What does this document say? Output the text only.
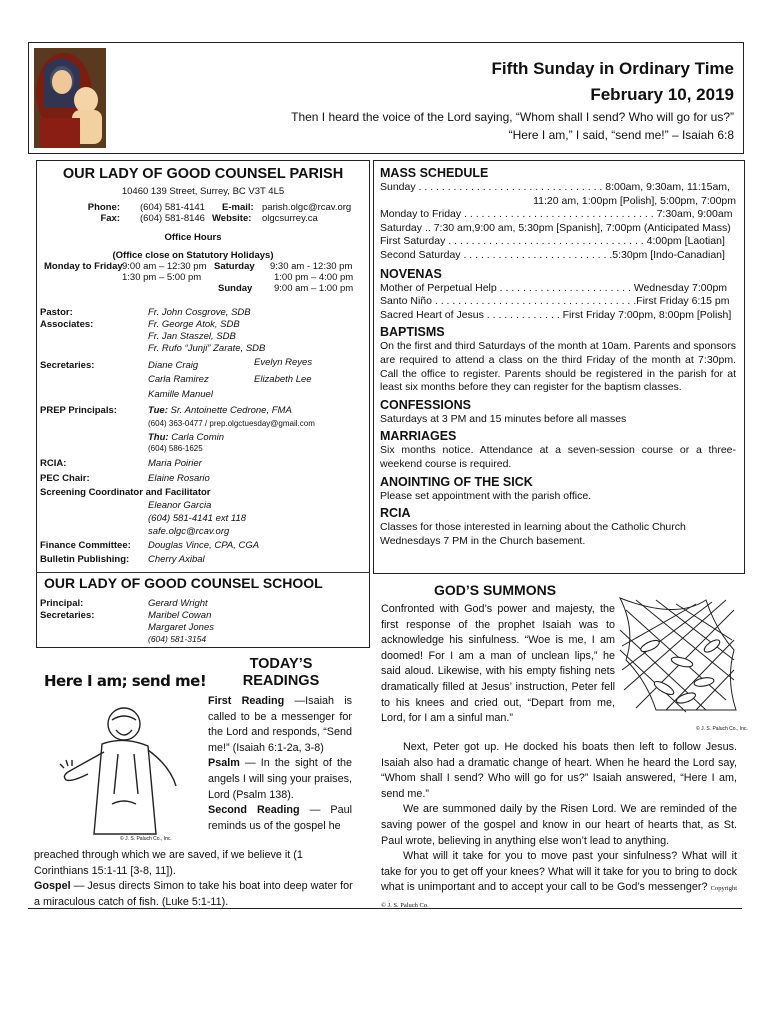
Fifth Sunday in Ordinary Time
February 10, 2019
Then I heard the voice of the Lord saying, “Whom shall I send? Who will go for us?”
“Here I am,” I said, “send me!” – Isaiah 6:8
OUR LADY OF GOOD COUNSEL PARISH
10460 139 Street, Surrey, BC V3T 4L5
Phone: (604) 581-4141 E-mail: parish.olgc@rcav.org
Fax: (604) 581-8146 Website: olgcsurrey.ca
Office Hours
(Office close on Statutory Holidays)
Monday to Friday 9:00 am – 12:30 pm
1:30 pm – 5:00 pm
Saturday 9:30 am - 12:30 pm
1:00 pm – 4:00 pm
Sunday 9:00 am – 1:00 pm
Pastor:	Fr. John Cosgrove, SDB
Associates:	Fr. George Atok, SDB
Fr. Jan Staszel, SDB
Fr. Rufo “Junji” Zarate, SDB
Secretaries:	Diane Craig	Evelyn Reyes
Carla Ramirez	Elizabeth Lee
Kamille Manuel
PREP Principals:	Tue: Sr. Antoinette Cedrone, FMA
(604) 363-0477 / prep.olgctuesday@gmail.com
Thu: Carla Comin
(604) 586-1625
RCIA:	Maria Poirier
PEC Chair:	Elaine Rosario
Screening Coordinator and Facilitator
Eleanor Garcia
(604) 581-4141 ext 118
safe.olgc@rcav.org
Finance Committee: Douglas Vince, CPA, CGA
Bulletin Publishing: Cherry Axibal
OUR LADY OF GOOD COUNSEL SCHOOL
Principal:	Gerard Wright
Secretaries:	Maribel Cowan
Margaret Jones
(604) 581-3154
MASS SCHEDULE
Sunday . . . . . . . . . . . . . . . . . . . . . . . . . . . . . . . . 8:00am, 9:30am, 11:15am,
11:20 am, 1:00pm [Polish], 5:00pm, 7:00pm
Monday to Friday . . . . . . . . . . . . . . . . . . . . . . . . . . . . . . . . . 7:30am, 9:00am
Saturday .. 7:30 am,9:00 am, 5:30pm [Spanish], 7:00pm (Anticipated Mass)
First Saturday . . . . . . . . . . . . . . . . . . . . . . . . . . . . . . . . . . 4:00pm [Laotian]
Second Saturday . . . . . . . . . . . . . . . . . . . . . . . . . .5:30pm [Indo-Canadian]
NOVENAS
Mother of Perpetual Help . . . . . . . . . . . . . . . . . . . . . . . Wednesday 7:00pm
Santo Niño . . . . . . . . . . . . . . . . . . . . . . . . . . . . . . . . . . .First Friday 6:15 pm
Sacred Heart of Jesus . . . . . . . . . . . . . First Friday 7:00pm, 8:00pm [Polish]
BAPTISMS
On the first and third Saturdays of the month at 10am. Parents and sponsors are required to attend a class on the third Friday of the month at 7:30pm. Call the office to register. Parents should be registered in the parish for at least six months before they can register for the baptism classes.
CONFESSIONS
Saturdays at 3 PM and 15 minutes before all masses
MARRIAGES
Six months notice. Attendance at a seven-session course or a three-weekend course is required.
ANOINTING OF THE SICK
Please set appointment with the parish office.
RCIA
Classes for those interested in learning about the Catholic Church Wednesdays 7 PM in the Church basement.
Here I am; send me!
TODAY’S
READINGS
First Reading —Isaiah is called to be a messenger for the Lord and responds, “Send me!” (Isaiah 6:1-2a, 3-8)
Psalm — In the sight of the angels I will sing your praises, Lord (Psalm 138).
Second Reading — Paul reminds us of the gospel he
© J. S. Paluch Co., Inc.
preached through which we are saved, if we believe it (1 Corinthians 15:1-11 [3-8, 11]).
Gospel — Jesus directs Simon to take his boat into deep water for a miraculous catch of fish. (Luke 5:1-11).
GOD’S SUMMONS
© J. S. Paluch Co., Inc.
Confronted with God’s power and majesty, the first response of the prophet Isaiah was to acknowledge his sinfulness. “Woe is me, I am doomed! For I am a man of unclean lips,” he said aloud. Likewise, with his empty fishing nets dramatically filled at Jesus’ instruction, Peter fell to his knees and cried out, “Depart from me, Lord, for I am a sinful man.”
Next, Peter got up. He docked his boats then left to follow Jesus. Isaiah also had a dramatic change of heart. When he heard the Lord say, “Whom shall I send? Who will go for us?” Isaiah answered, “Here I am, send me.”
We are summoned daily by the Risen Lord. We are reminded of the saving power of the gospel and know in our heart of hearts that, as St. Paul wrote, believing in anything else won’t lead to anything.
What will it take for you to move past your sinfulness? What will it take for you to get off your knees? What will it take for you to bring to dock what is unimportant and to accept your call to be God’s messenger? Copyright © J. S. Paluch Co.
